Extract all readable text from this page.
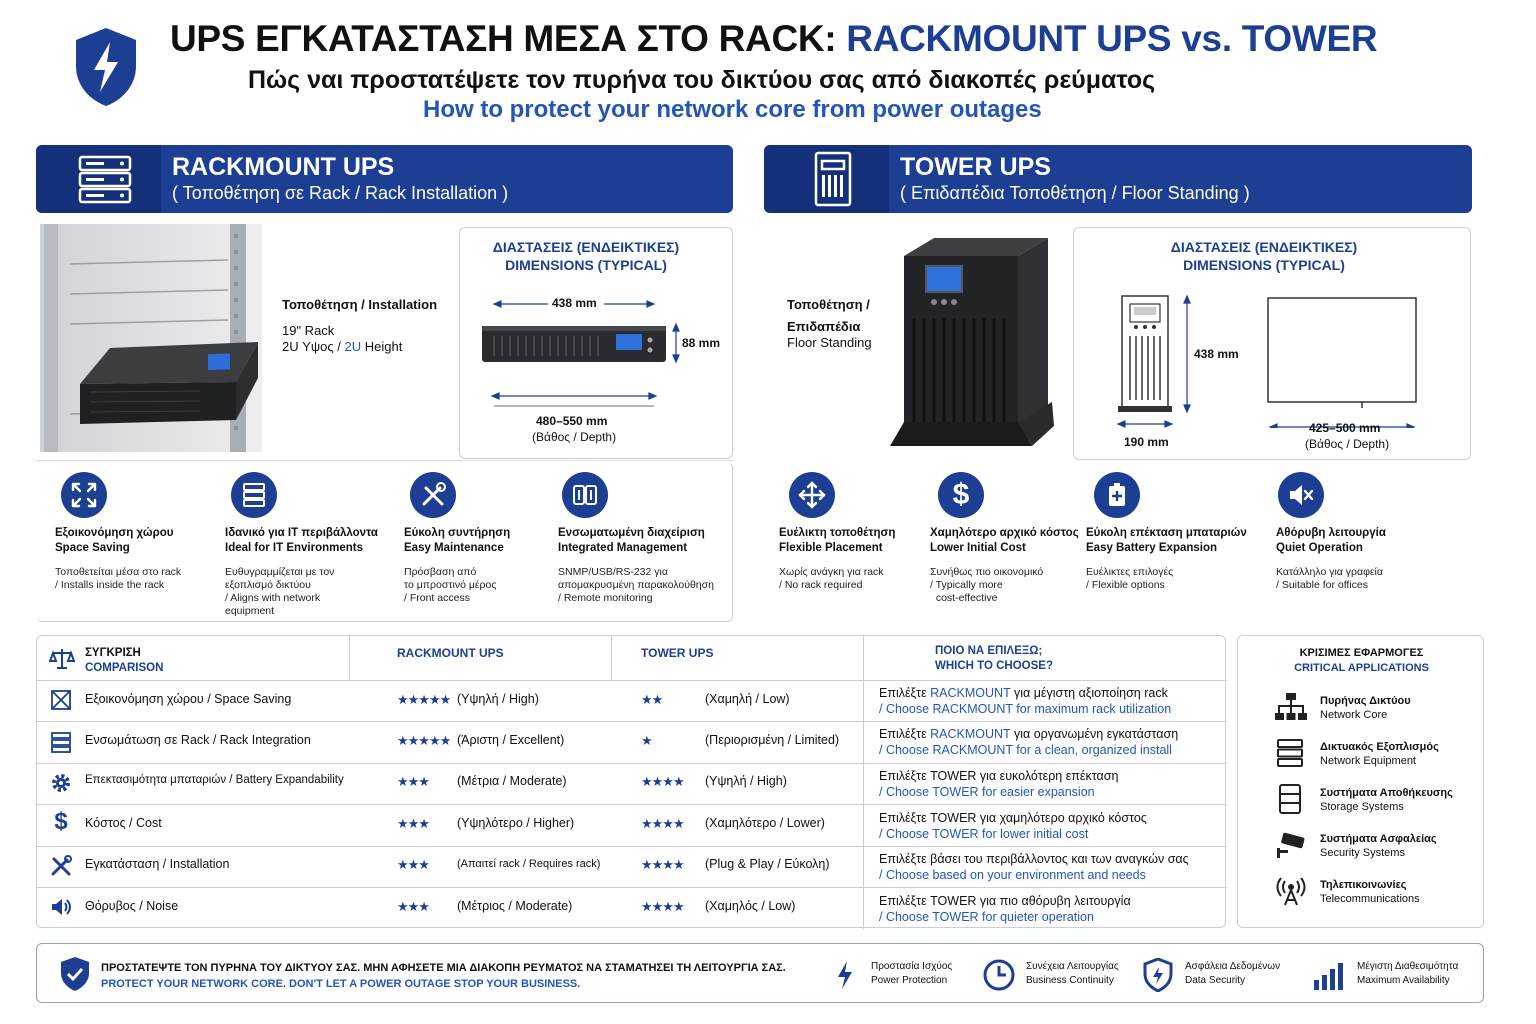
UPS ΕΓΚΑΤΑΣΤΑΣΗ ΜΕΣΑ ΣΤΟ RACK: RACKMOUNT UPS vs. TOWER
Πώς ναι προστατέψετε τον πυρήνα του δικτύου σας από διακοπές ρεύματος
How to protect your network core from power outages
RACKMOUNT UPS
( Τοποθέτηση σε Rack / Rack Installation )
TOWER UPS
( Επιδαπέδια Τοποθέτηση / Floor Standing )
Τοποθέτηση / Installation
19" Rack
2U Υψος / 2U Height
ΔΙΑΣΤΑΣΕΙΣ (ΕΝΔΕΙΚΤΙΚΕΣ)
DIMENSIONS (TYPICAL)
438 mm
88 mm
480–550 mm
(Βάθος / Depth)
Τοποθέτηση /
Επιδαπέδια
Floor Standing
ΔΙΑΣΤΑΣΕΙΣ (ΕΝΔΕΙΚΤΙΚΕΣ)
DIMENSIONS (TYPICAL)
438 mm
190 mm
425–500 mm
(Βάθος / Depth)
Εξοικονόμηση χώρου
Space Saving
Τοποθετείται μέσα στο rack
/ Installs inside the rack
Ιδανικό για IT περιβάλλοντα
Ideal for IT Environments
Ευθυγραμμίζεται με τον
εξοπλισμό δικτύου
/ Aligns with network
equipment
Εύκολη συντήρηση
Easy Maintenance
Πρόσβαση από
το μπροστινό μέρος
/ Front access
Ενσωματωμένη διαχείριση
Integrated Management
SNMP/USB/RS-232 για
απομακρυσμένη παρακολούθηση
/ Remote monitoring
Ευέλικτη τοποθέτηση
Flexible Placement
Χωρίς ανάγκη για rack
/ No rack required
$
Χαμηλότερο αρχικό κόστος
Lower Initial Cost
Συνήθως πιο οικονομικό
/ Typically more
cost-effective
Εύκολη επέκταση μπαταριών
Easy Battery Expansion
Ευέλικτες επιλογές
/ Flexible options
Αθόρυβη λειτουργία
Quiet Operation
Κατάλληλο για γραφεία
/ Suitable for offices
ΣΥΓΚΡΙΣΗ
COMPARISON
RACKMOUNT UPS	TOWER UPS	ΠΟΙΟ ΝΑ ΕΠΙΛΕΞΩ;
WHICH TO CHOOSE?
Εξοικονόμηση χώρου / Space Saving	★★★★★ (Υψηλή / High)	★★	(Χαμηλή / Low)	Επιλέξτε RACKMOUNT για μέγιστη αξιοποίηση rack
/ Choose RACKMOUNT for maximum rack utilization
Ενσωμάτωση σε Rack / Rack Integration	★★★★★ (Άριστη / Excellent)	★	(Περιορισμένη / Limited)	Επιλέξτε RACKMOUNT για οργανωμένη εγκατάσταση
/ Choose RACKMOUNT for a clean, organized install
Επεκτασιμότητα μπαταριών / Battery Expandability	★★★ (Μέτρια / Moderate)	★★★★ (Υψηλή / High)	Επιλέξτε TOWER για ευκολότερη επέκταση
/ Choose TOWER for easier expansion
$	Κόστος / Cost	★★★ (Υψηλότερο / Higher)	★★★★ (Χαμηλότερο / Lower)	Επιλέξτε TOWER για χαμηλότερο αρχικό κόστος
/ Choose TOWER for lower initial cost
Εγκατάσταση / Installation	★★★	(Απαιτεί rack / Requires rack)	★★★★ (Plug & Play / Εύκολη)	Επιλέξτε βάσει του περιβάλλοντος και των αναγκών σας
/ Choose based on your environment and needs
Θόρυβος / Noise	★★★ (Μέτριος / Moderate)	★★★★ (Χαμηλός / Low)	Επιλέξτε TOWER για πιο αθόρυβη λειτουργία
/ Choose TOWER for quieter operation
ΚΡΙΣΙΜΕΣ ΕΦΑΡΜΟΓΕΣ
CRITICAL APPLICATIONS
Πυρήνας Δικτύου
Network Core
Δικτυακός Εξοπλισμός
Network Equipment
Συστήματα Αποθήκευσης
Storage Systems
Συστήματα Ασφαλείας
Security Systems
Τηλεπικοινωνίες
Telecommunications
ΠΡΟΣΤΑΤΕΨΤΕ ΤΟΝ ΠΥΡΗΝΑ ΤΟΥ ΔΙΚΤΥΟΥ ΣΑΣ. ΜΗΝ ΑΦΗΣΕΤΕ ΜΙΑ ΔΙΑΚΟΠΗ ΡΕΥΜΑΤΟΣ ΝΑ ΣΤΑΜΑΤΗΣΕΙ ΤΗ ΛΕΙΤΟΥΡΓΙΑ ΣΑΣ.
PROTECT YOUR NETWORK CORE. DON'T LET A POWER OUTAGE STOP YOUR BUSINESS.
Προστασία Ισχύος
Power Protection
Συνέχεια Λειτουργίας
Business Continuity
Ασφάλεια Δεδομένων
Data Security
Μέγιστη Διαθεσιμότητα
Maximum Availability
